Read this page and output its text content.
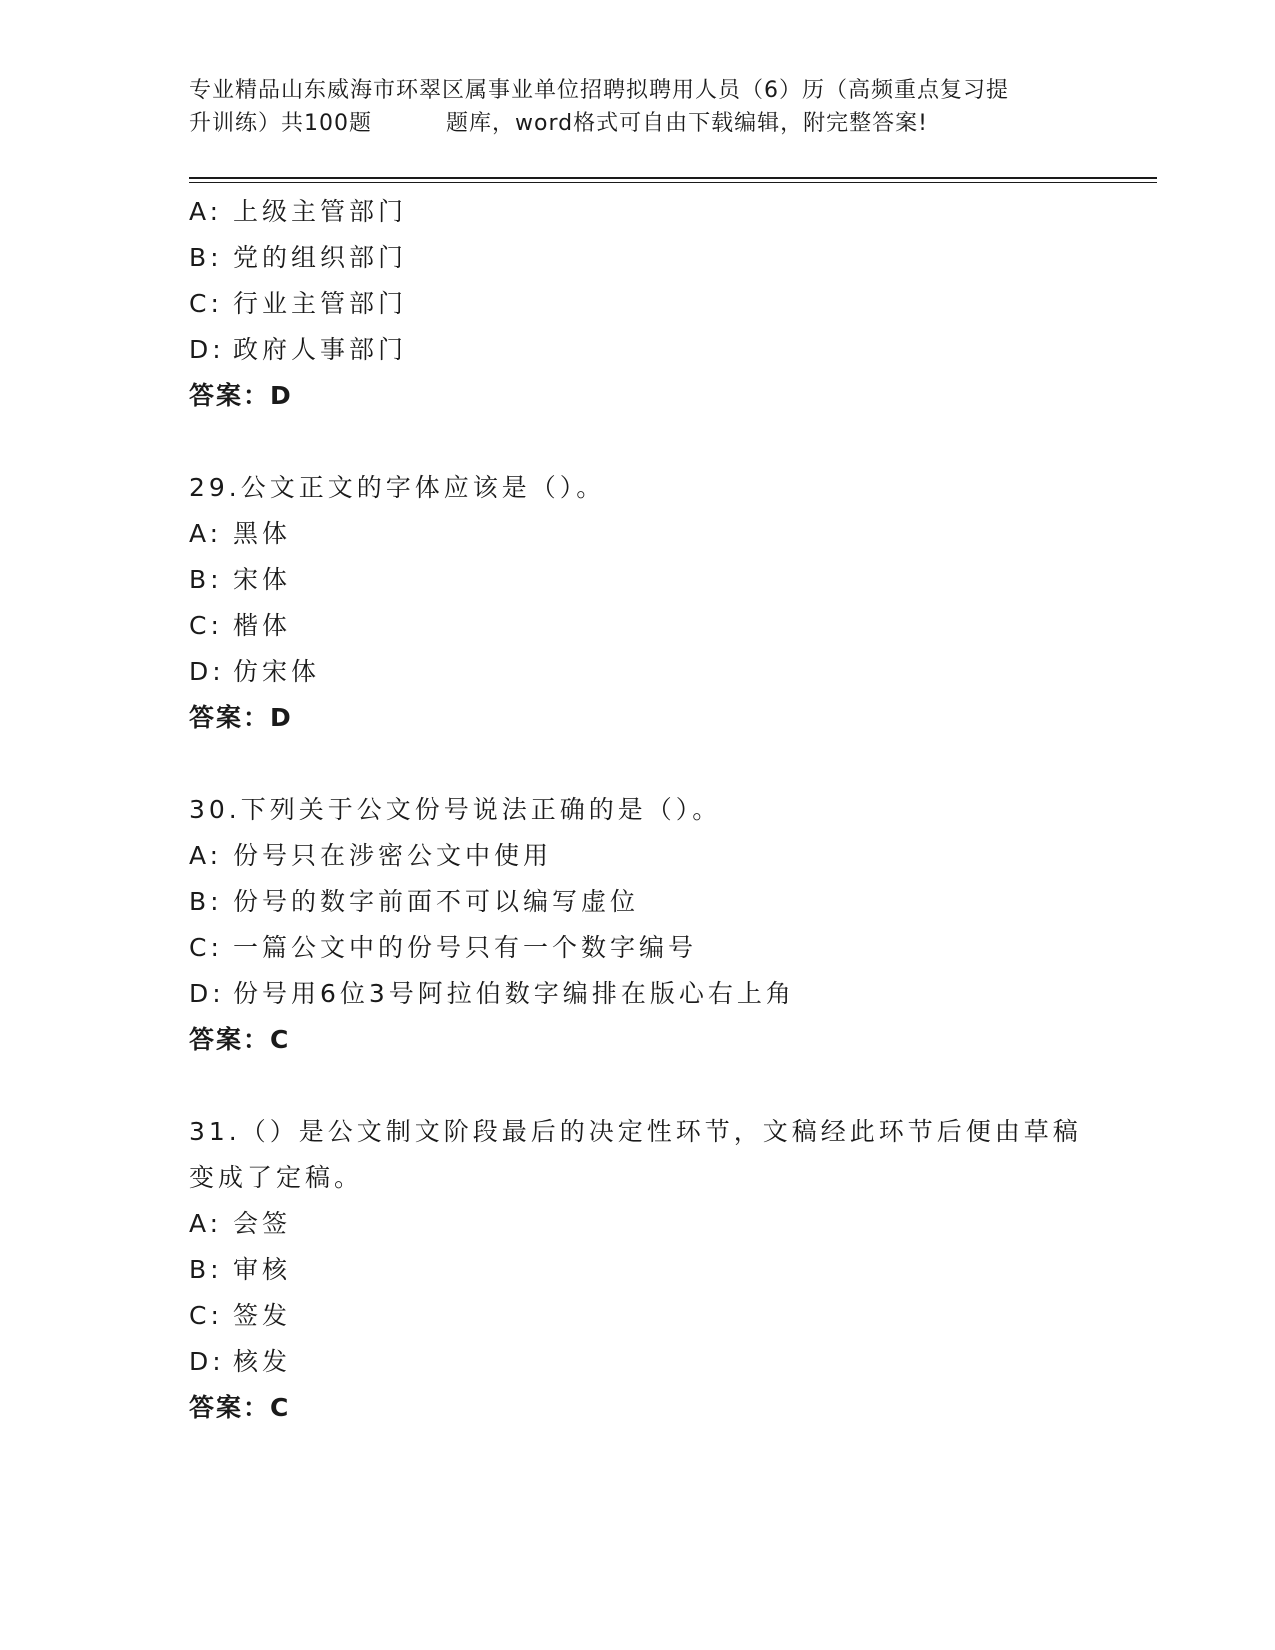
专业精品山东威海市环翠区属事业单位招聘拟聘用人员（6）历（高频重点复习提
升训练）共100题	题库，word格式可自由下载编辑，附完整答案!
A: 上级主管部门
B: 党的组织部门
C: 行业主管部门
D: 政府人事部门
答案：D
29.公文正文的字体应该是（）。
A: 黑体
B: 宋体
C: 楷体
D: 仿宋体
答案：D
30.下列关于公文份号说法正确的是（）。
A: 份号只在涉密公文中使用
B: 份号的数字前面不可以编写虚位
C: 一篇公文中的份号只有一个数字编号
D: 份号用6位3号阿拉伯数字编排在版心右上角
答案：C
31.（）是公文制文阶段最后的决定性环节，文稿经此环节后便由草稿
变成了定稿。
A: 会签
B: 审核
C: 签发
D: 核发
答案：C
